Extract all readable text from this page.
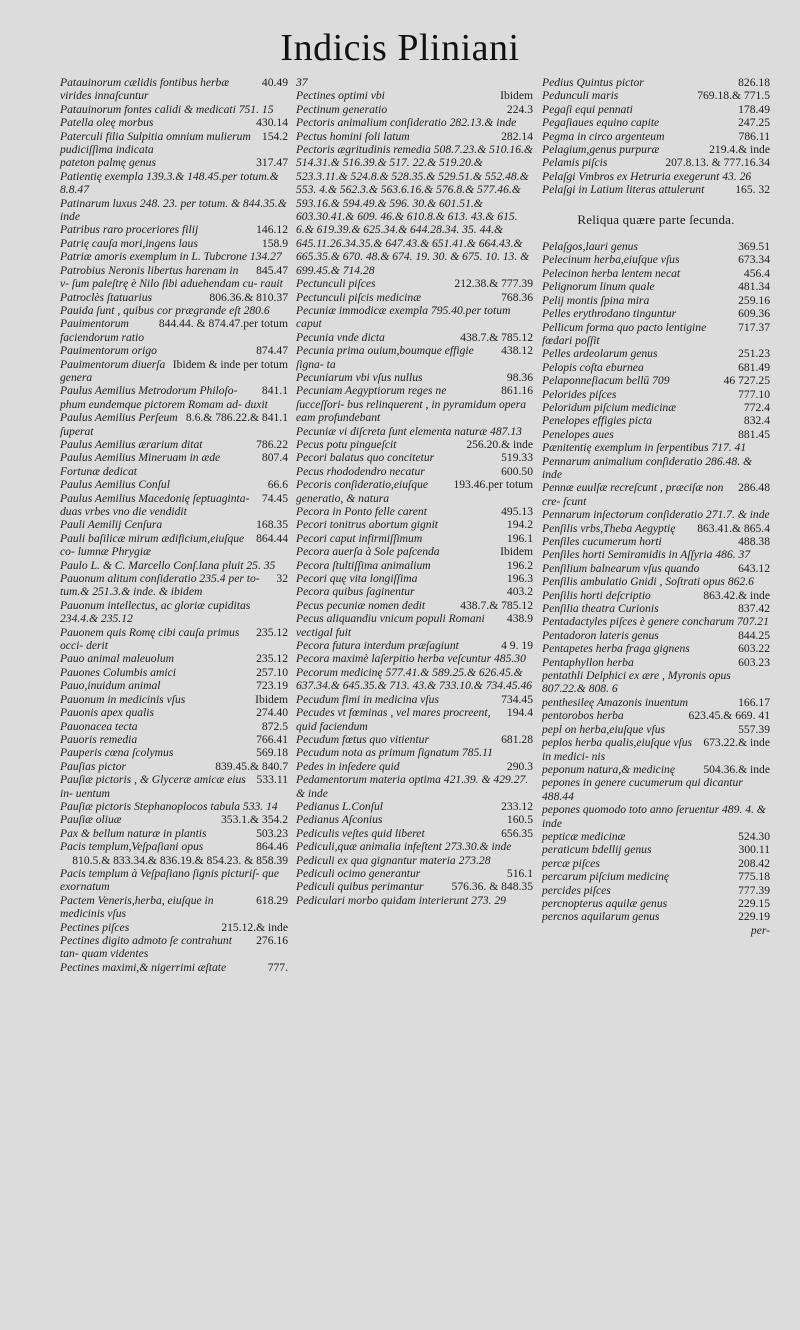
Indicis Pliniani
40.49
Patauinorum cælidis fontibus herbæ virides innaſcuntur
Patauinorum fontes calidi & medicati 751. 15
430.14
Patella oleę morbus
154.2
Paterculi filia Sulpitia omnium mulierum pudiciſſima indicata
317.47
pateton palmę genus
Patientię exempla 139.3.& 148.45.per totum.& 8.8.47
Patinarum luxus 248. 23. per totum. & 844.35.& inde
146.12
Patribus raro proceriores filij
158.9
Patrię cauſa mori,ingens laus
Patriæ amoris exemplum in L. Tubcrone 134.27
845.47
Patrobius Neronis libertus harenam in v- ſum paleſtrę è Nilo ſibi aduehendam cu- rauit
806.36.& 810.37
Patroclès ſtatuarius
Pauida ſunt , quibus cor prægrande eſt 280.6
844.44. & 874.47.per totum
Pauimentorum faciendorum ratio
874.47
Pauimentorum origo
Ibidem & inde per totum
Pauimentorum diuerſa genera
841.1
Paulus Aemilius Metrodorum Philoſo- phum eundemque pictorem Romam ad- duxit
8.6.& 786.22.& 841.1
Paulus Aemilius Perſeum ſuperat
786.22
Paulus Aemilius ærarium ditat
807.4
Paulus Aemilius Mineruam in æde Fortunæ dedicat
66.6
Paulus Aemilius Conſul
74.45
Paulus Aemilius Macedonię ſeptuaginta- duas vrbes vno die vendidit
168.35
Pauli Aemilij Cenſura
864.44
Pauli baſilicæ mirum ædificium,eiuſque co- lumnæ Phrygiæ
Paulo L. & C. Marcello Conſ.lana pluit 25. 35
32
Pauonum alitum conſideratio 235.4 per to- tum.& 251.3.& inde. & ibidem
Pauonum intellectus, ac gloriæ cupiditas 234.4.& 235.12
235.12
Pauonem quis Romę cibi cauſa primus occi- derit
235.12
Pauo animal maleuolum
257.10
Pauones Columbis amici
723.19
Pauo,inuidum animal
Ibidem
Pauonum in medicinis vſus
274.40
Pauonis apex qualis
872.5
Pauonacea tecta
766.41
Pauoris remedia
569.18
Pauperis cœna ſcolymus
839.45.& 840.7
Pauſias pictor
533.11
Pauſiæ pictoris , & Glyceræ amicæ eius in- uentum
Pauſiæ pictoris Stephanoplocos tabula 533. 14
353.1.& 354.2
Pauſiæ oliuæ
503.23
Pax & bellum naturæ in plantis
864.46
Pacis templum,Veſpaſiani opus
810.5.& 833.34.& 836.19.& 854.23. & 858.39
Pacis templum à Veſpaſiano ſignis picturiſ- que exornatum
618.29
Pactem Veneris,herba, eiuſque in medicinis vſus
215.12.& inde
Pectines piſces
276.16
Pectines digito admoto ſe contrahunt tan- quam videntes
777.
Pectines maximi,& nigerrimi æſtate
37
Ibidem
Pectines optimi vbi
224.3
Pectinum generatio
Pectoris animalium conſideratio 282.13.& inde
282.14
Pectus homini ſoli latum
Pectoris ægritudinis remedia 508.7.23.& 510.16.& 514.31.& 516.39.& 517. 22.& 519.20.& 523.3.11.& 524.8.& 528.35.& 529.51.& 552.48.& 553. 4.& 562.3.& 563.6.16.& 576.8.& 577.46.& 593.16.& 594.49.& 596. 30.& 601.51.& 603.30.41.& 609. 46.& 610.8.& 613. 43.& 615. 6.& 619.39.& 625.34.& 644.28.34. 35. 44.& 645.11.26.34.35.& 647.43.& 651.41.& 664.43.& 665.35.& 670. 48.& 674. 19. 30. & 675. 10. 13. & 699.45.& 714.28
212.38.& 777.39
Pectunculi piſces
768.36
Pectunculi piſcis medicinæ
Pecuniæ immodicæ exempla 795.40.per totum caput
438.7.& 785.12
Pecunia vnde dicta
438.12
Pecunia prima ouium,boumque effigie ſigna- ta
98.36
Pecuniarum vbi vſus nullus
861.16
Pecuniam Aegyptiorum reges ne ſucceſſori- bus relinquerent , in pyramidum opera eam profundebant
Pecuniæ vi diſcreta ſunt elementa naturæ 487.13
256.20.& inde
Pecus potu pingueſcit
519.33
Pecori balatus quo concitetur
600.50
Pecus rhododendro necatur
193.46.per totum
Pecoris conſideratio,eiuſque generatio, & natura
495.13
Pecora in Ponto felle carent
194.2
Pecori tonitrus abortum gignit
196.1
Pecori caput infirmiſſimum
Ibidem
Pecora auerſa à Sole paſcenda
196.2
Pecora ſtultiſſima animalium
196.3
Pecori quę vita longiſſima
403.2
Pecora quibus ſaginentur
438.7.& 785.12
Pecus pecuniæ nomen dedit
438.9
Pecus aliquandiu vnicum populi Romani vectigal fuit
4 9. 19
Pecora futura interdum præſagiunt
Pecora maximè laſerpitio herba veſcuntur 485.30
Pecorum medicinę 577.41.& 589.25.& 626.45.& 637.34.& 645.35.& 713. 43.& 733.10.& 734.45.46
734.45
Pecudum fimi in medicina vſus
194.4
Pecudes vt fœminas , vel mares procreent, quid faciendum
681.28
Pecudum fœtus quo vitientur
Pecudum nota as primum ſignatum 785.11
290.3
Pedes in inſedere quid
Pedamentorum materia optima 421.39. & 429.27. & inde
233.12
Pedianus L.Conſul
160.5
Pedianus Aſconius
656.35
Pediculis veſtes quid liberet
Pediculi,quæ animalia infeſtent 273.30.& inde
Pediculi ex qua gignantur materia 273.28
516.1
Pediculi ocimo generantur
576.36. & 848.35
Pediculi quibus perimantur
Pediculari morbo quidam interierunt 273. 29
826.18
Pedius Quintus pictor
769.18.& 771.5
Pedunculi maris
178.49
Pegaſi equi pennati
247.25
Pegaſiaues equino capite
786.11
Pegma in circo argenteum
219.4.& inde
Pelagium,genus purpuræ
207.8.13. & 777.16.34
Pelamis piſcis
Pelaſgi Vmbros ex Hetruria exegerunt 43. 26
165. 32
Pelaſgi in Latium literas attulerunt
Reliqua quære parte ſecunda.
369.51
Pelaſgos,lauri genus
673.34
Pelecinum herba,eiuſque vſus
456.4
Pelecinon herba lentem necat
481.34
Pelignorum linum quale
259.16
Pelij montis ſpina mira
609.36
Pelles erythrodano tinguntur
717.37
Pellicum forma quo pacto lentigine fœdari poſſit
251.23
Pelles ardeolarum genus
681.49
Pelopis coſta eburnea
46 727.25
Pelaponneſiacum bellū 709
777.10
Pelorides piſces
772.4
Peloridum piſcium medicinæ
832.4
Penelopes effigies picta
881.45
Penelopes aues
Pænitentię exemplum in ſerpentibus 717. 41
Pennarum animalium conſideratio 286.48. & inde
286.48
Pennæ euulſæ recreſcunt , præciſæ non cre- ſcunt
Pennarum inſectorum conſideratio 271.7. & inde
863.41.& 865.4
Penſilis vrbs,Theba Aegyptię
488.38
Penſiles cucumerum horti
Penſiles horti Semiramidis in Aſſyria 486. 37
643.12
Penſilium balnearum vſus quando
Penſilis ambulatio Gnidi , Soſtrati opus 862.6
863.42.& inde
Penſilis horti deſcriptio
837.42
Penſilia theatra Curionis
Pentadactyles piſces è genere concharum 707.21
844.25
Pentadoron lateris genus
603.22
Pentapetes herba fraga gignens
603.23
Pentaphyllon herba
pentathli Delphici ex ære , Myronis opus 807.22.& 808. 6
166.17
penthesileę Amazonis inuentum
623.45.& 669. 41
pentorobos herba
557.39
pepl on herba,eiuſque vſus
673.22.& inde
peplos herba qualis,eiuſque vſus in medici- nis
504.36.& inde
peponum natura,& medicinę
pepones in genere cucumerum qui dicantur 488.44
pepones quomodo toto anno ſeruentur 489. 4. & inde
524.30
pepticæ medicinæ
300.11
peraticum bdellij genus
208.42
percæ piſces
775.18
percarum piſcium medicinę
777.39
percides piſces
229.15
percnopterus aquilæ genus
229.19
percnos aquilarum genus
per-
